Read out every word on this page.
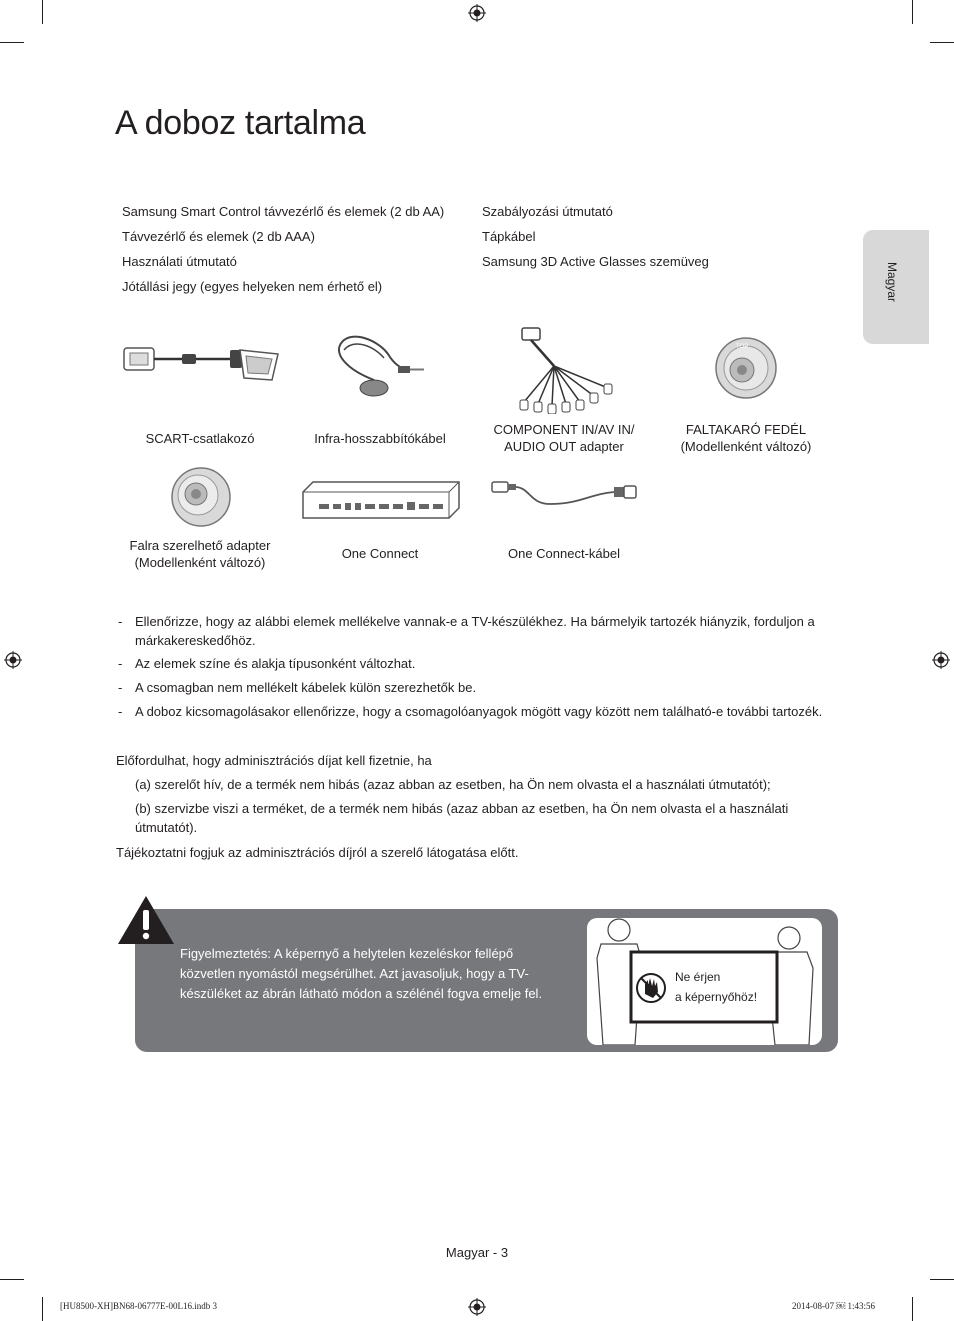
A doboz tartalma
Magyar
Samsung Smart Control távvezérlő és elemek (2 db AA)
Távvezérlő és elemek (2 db AAA)
Használati útmutató
Jótállási jegy (egyes helyeken nem érhető el)
Szabályozási útmutató
Tápkábel
Samsung 3D Active Glasses szemüveg
TOP
SCART-csatlakozó	Infra-hosszabbítókábel
COMPONENT IN/AV IN/
AUDIO OUT adapter
FALTAKARÓ FEDÉL
(Modellenként változó)
Falra szerelhető adapter
(Modellenként változó)
One Connect	One Connect-kábel
- Ellenőrizze, hogy az alábbi elemek mellékelve vannak-e a TV-készülékhez. Ha bármelyik tartozék hiányzik, forduljon a márkakereskedőhöz.
- Az elemek színe és alakja típusonként változhat.
- A csomagban nem mellékelt kábelek külön szerezhetők be.
- A doboz kicsomagolásakor ellenőrizze, hogy a csomagolóanyagok mögött vagy között nem található-e további tartozék.
Előfordulhat, hogy adminisztrációs díjat kell fizetnie, ha
(a) szerelőt hív, de a termék nem hibás (azaz abban az esetben, ha Ön nem olvasta el a használati útmutatót);
(b) szervizbe viszi a terméket, de a termék nem hibás (azaz abban az esetben, ha Ön nem olvasta el a használati útmutatót).
Tájékoztatni fogjuk az adminisztrációs díjról a szerelő látogatása előtt.
Figyelmeztetés: A képernyő a helytelen kezeléskor fellépő közvetlen nyomástól megsérülhet. Azt javasoljuk, hogy a TV-készüléket az ábrán látható módon a szélénél fogva emelje fel.
Ne érjen
a képernyőhöz!
Magyar - 3
[HU8500-XH]BN68-06777E-00L16.indb 3	2014-08-07 ￼ 1:43:56
